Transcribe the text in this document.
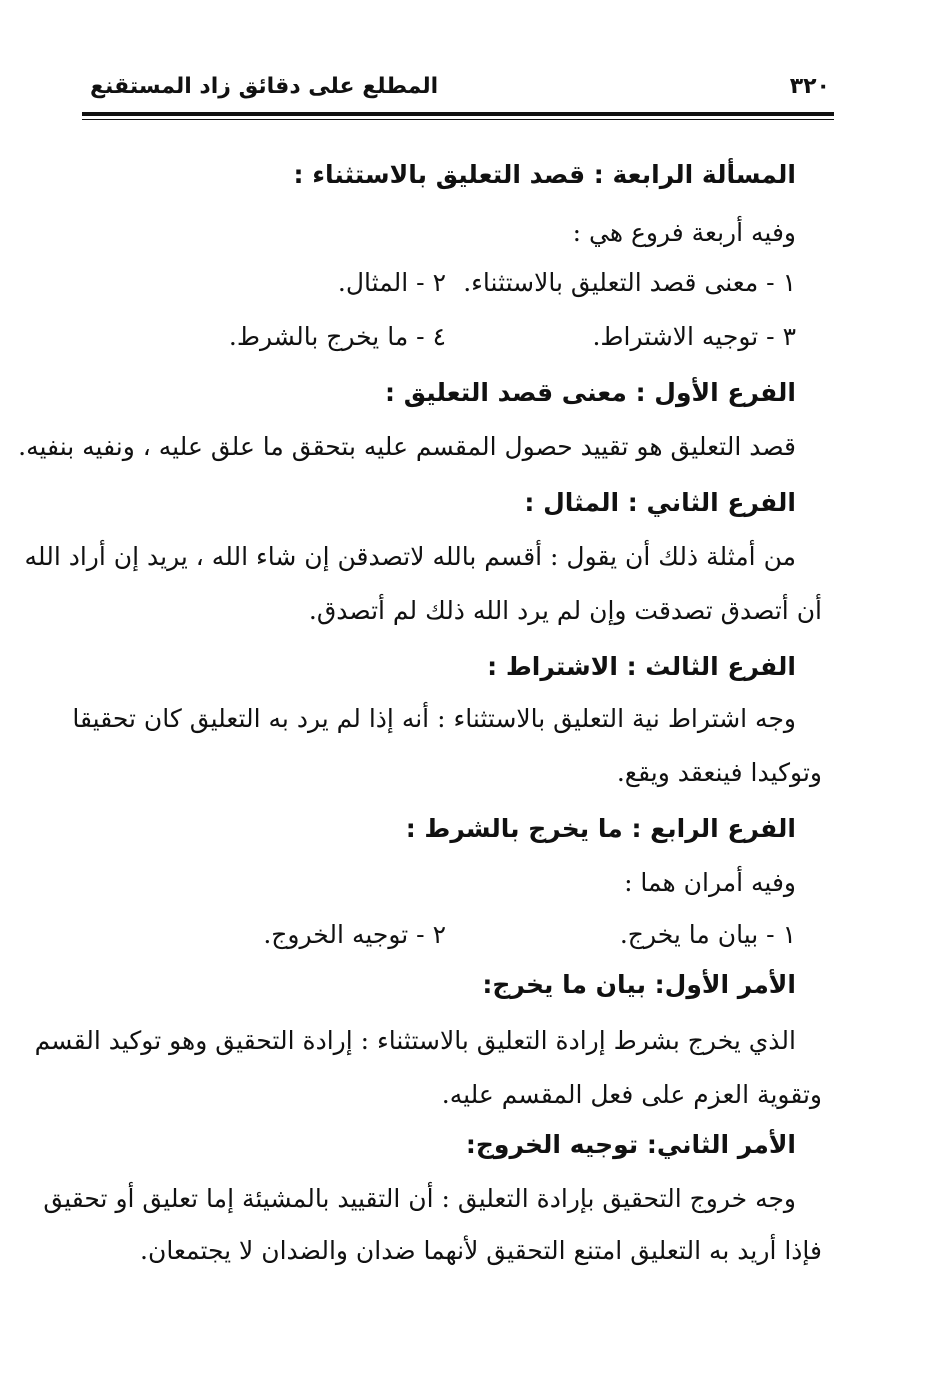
المطلع على دقائق زاد المستقنع	٣٢٠
المسألة الرابعة : قصد التعليق بالاستثناء :
وفيه أربعة فروع هي :
١ - معنى قصد التعليق بالاستثناء.
٢ - المثال.
٣ - توجيه الاشتراط.
٤ - ما يخرج بالشرط.
الفرع الأول : معنى قصد التعليق :
قصد التعليق هو تقييد حصول المقسم عليه بتحقق ما علق عليه ، ونفيه بنفيه.
الفرع الثاني : المثال :
من أمثلة ذلك أن يقول : أقسم بالله لاتصدقن إن شاء الله ، يريد إن أراد الله
أن أتصدق تصدقت وإن لم يرد الله ذلك لم أتصدق.
الفرع الثالث : الاشتراط :
وجه اشتراط نية التعليق بالاستثناء : أنه إذا لم يرد به التعليق كان تحقيقا
وتوكيدا فينعقد ويقع.
الفرع الرابع : ما يخرج بالشرط :
وفيه أمران هما :
١ - بيان ما يخرج.
٢ - توجيه الخروج.
الأمر الأول: بيان ما يخرج:
الذي يخرج بشرط إرادة التعليق بالاستثناء : إرادة التحقيق وهو توكيد القسم
وتقوية العزم على فعل المقسم عليه.
الأمر الثاني: توجيه الخروج:
وجه خروج التحقيق بإرادة التعليق : أن التقييد بالمشيئة إما تعليق أو تحقيق
فإذا أريد به التعليق امتنع التحقيق لأنهما ضدان والضدان لا يجتمعان.
